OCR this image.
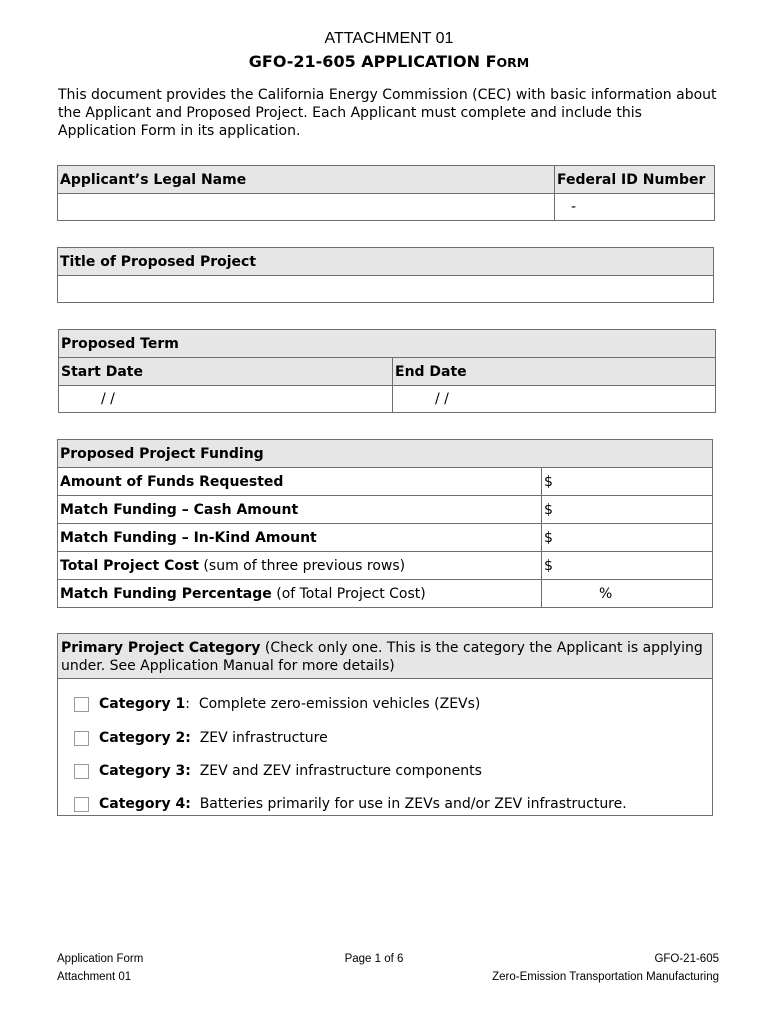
ATTACHMENT 01
GFO-21-605 APPLICATION FORM
This document provides the California Energy Commission (CEC) with basic information about the Applicant and Proposed Project. Each Applicant must complete and include this Application Form in its application.
Applicant’s Legal Name	Federal ID Number

	-
Title of Proposed Project

Proposed Term	
Start Date	End Date
/ /	/ /
Proposed Project Funding	
Amount of Funds Requested	$
Match Funding – Cash Amount	$
Match Funding – In-Kind Amount	$
Total Project Cost (sum of three previous rows)	$
Match Funding Percentage (of Total Project Cost)	%
Primary Project Category (Check only one. This is the category the Applicant is applying under. See Application Manual for more details)
Category 1:  Complete zero-emission vehicles (ZEVs)
Category 2:  ZEV infrastructure
Category 3:  ZEV and ZEV infrastructure components
Category 4:  Batteries primarily for use in ZEVs and/or ZEV infrastructure.
Application Form
Attachment 01
Page 1 of 6	GFO-21-605
Zero-Emission Transportation Manufacturing
